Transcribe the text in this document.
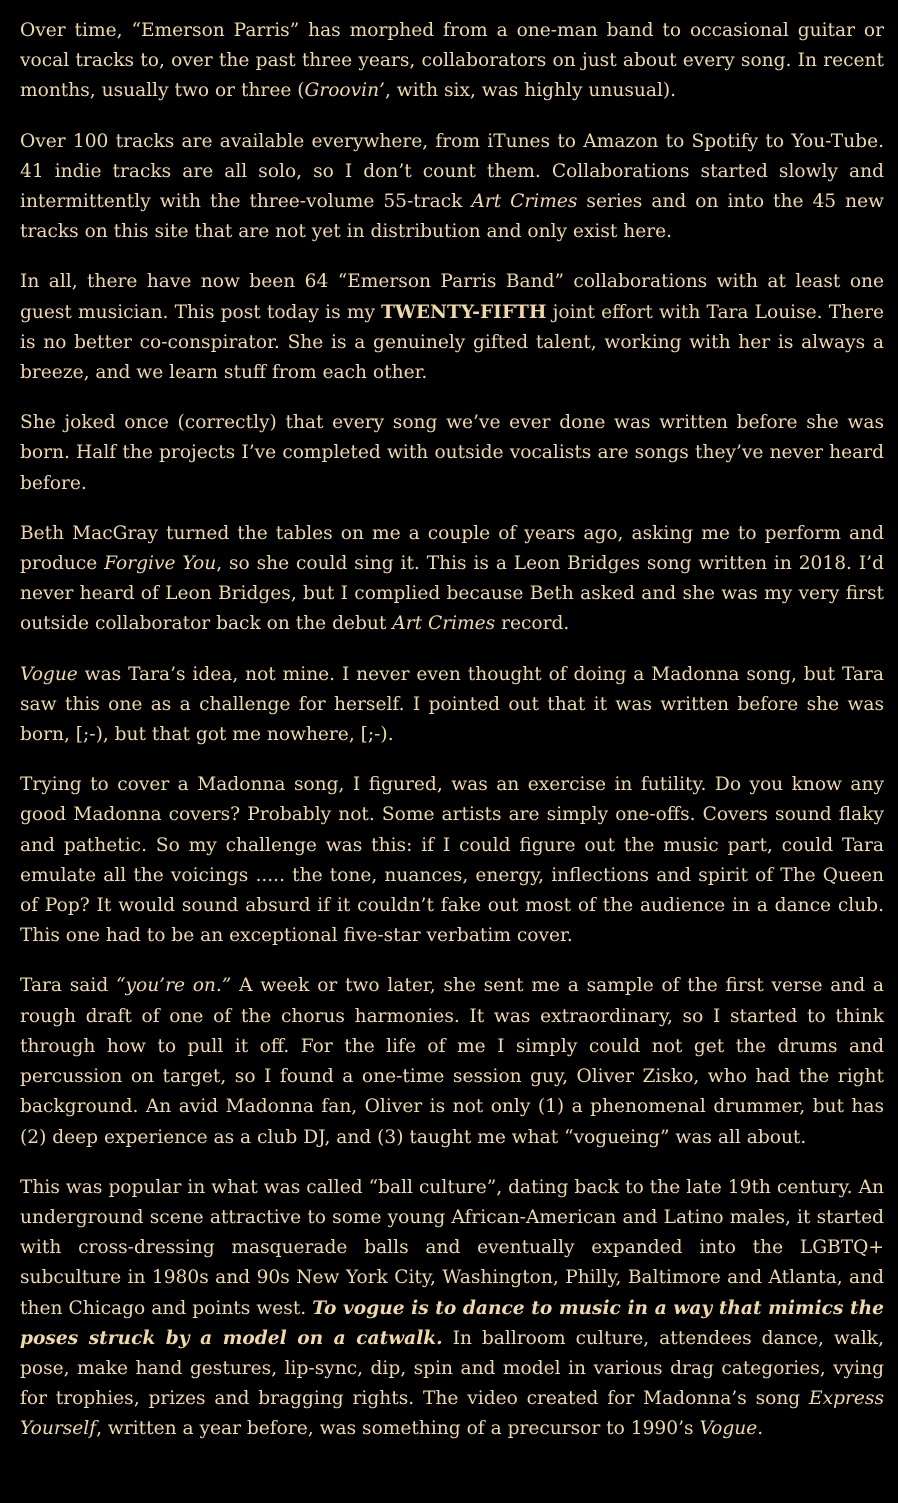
Over time, “Emerson Parris” has morphed from a one-man band to occasional guitar or vocal tracks to, over the past three years, collaborators on just about every song. In recent months, usually two or three (Groovin’, with six, was highly unusual).

Over 100 tracks are available everywhere, from iTunes to Amazon to Spotify to You-Tube. 41 indie tracks are all solo, so I don’t count them. Collaborations started slowly and intermittently with the three-volume 55-track Art Crimes series and on into the 45 new tracks on this site that are not yet in distribution and only exist here.

In all, there have now been 64 “Emerson Parris Band” collaborations with at least one guest musician. This post today is my TWENTY-FIFTH joint effort with Tara Louise. There is no better co-conspirator. She is a genuinely gifted talent, working with her is always a breeze, and we learn stuff from each other.

She joked once (correctly) that every song we’ve ever done was written before she was born. Half the projects I’ve completed with outside vocalists are songs they’ve never heard before.

Beth MacGray turned the tables on me a couple of years ago, asking me to perform and produce Forgive You, so she could sing it. This is a Leon Bridges song written in 2018. I’d never heard of Leon Bridges, but I complied because Beth asked and she was my very first outside collaborator back on the debut Art Crimes record.

Vogue was Tara’s idea, not mine. I never even thought of doing a Madonna song, but Tara saw this one as a challenge for herself. I pointed out that it was written before she was born, [;-), but that got me nowhere, [;-).

Trying to cover a Madonna song, I figured, was an exercise in futility. Do you know any good Madonna covers? Probably not. Some artists are simply one-offs. Covers sound flaky and pathetic. So my challenge was this: if I could figure out the music part, could Tara emulate all the voicings ..... the tone, nuances, energy, inflections and spirit of The Queen of Pop? It would sound absurd if it couldn’t fake out most of the audience in a dance club. This one had to be an exceptional five-star verbatim cover.

Tara said “you’re on.” A week or two later, she sent me a sample of the first verse and a rough draft of one of the chorus harmonies. It was extraordinary, so I started to think through how to pull it off. For the life of me I simply could not get the drums and percussion on target, so I found a one-time session guy, Oliver Zisko, who had the right background. An avid Madonna fan, Oliver is not only (1) a phenomenal drummer, but has (2) deep experience as a club DJ, and (3) taught me what “vogueing” was all about.

This was popular in what was called “ball culture”, dating back to the late 19th century. An underground scene attractive to some young African-American and Latino males, it started with cross-dressing masquerade balls and eventually expanded into the LGBTQ+ subculture in 1980s and 90s New York City, Washington, Philly, Baltimore and Atlanta, and then Chicago and points west. To vogue is to dance to music in a way that mimics the poses struck by a model on a catwalk. In ballroom culture, attendees dance, walk, pose, make hand gestures, lip-sync, dip, spin and model in various drag categories, vying for trophies, prizes and bragging rights. The video created for Madonna’s song Express Yourself, written a year before, was something of a precursor to 1990’s Vogue.
